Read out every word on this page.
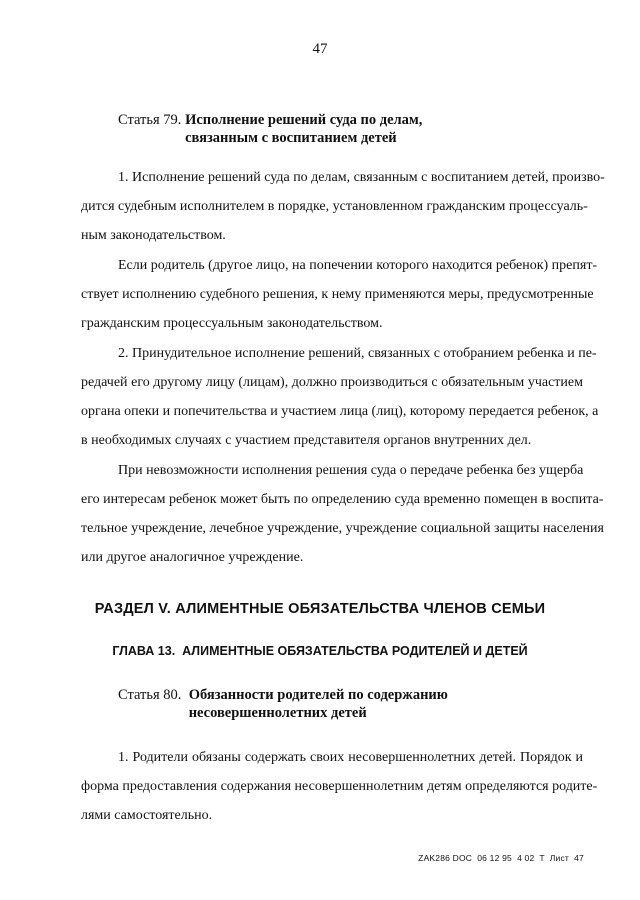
47
Статья 79. Исполнение решений суда по делам,
связанным с воспитанием детей
1. Исполнение решений суда по делам, связанным с воспитанием детей, произво-
дится судебным исполнителем в порядке, установленном гражданским процессуаль-
ным законодательством.
Если родитель (другое лицо, на попечении которого находится ребенок) препят-
ствует исполнению судебного решения, к нему применяются меры, предусмотренные
гражданским процессуальным законодательством.
2. Принудительное исполнение решений, связанных с отобранием ребенка и пе-
редачей его другому лицу (лицам), должно производиться с обязательным участием
органа опеки и попечительства и участием лица (лиц), которому передается ребенок, а
в необходимых случаях с участием представителя органов внутренних дел.
При невозможности исполнения решения суда о передаче ребенка без ущерба
его интересам ребенок может быть по определению суда временно помещен в воспита-
тельное учреждение, лечебное учреждение, учреждение социальной защиты населения
или другое аналогичное учреждение.
РАЗДЕЛ V. АЛИМЕНТНЫЕ ОБЯЗАТЕЛЬСТВА ЧЛЕНОВ СЕМЬИ
ГЛАВА 13.  АЛИМЕНТНЫЕ ОБЯЗАТЕЛЬСТВА РОДИТЕЛЕЙ И ДЕТЕЙ
Статья 80. Обязанности родителей по содержанию
несовершеннолетних детей
1. Родители обязаны содержать своих несовершеннолетних детей. Порядок и
форма предоставления содержания несовершеннолетним детям определяются родите-
лями самостоятельно.
ZAK286 DOC  06 12 95  4 02  T  Лист  47
